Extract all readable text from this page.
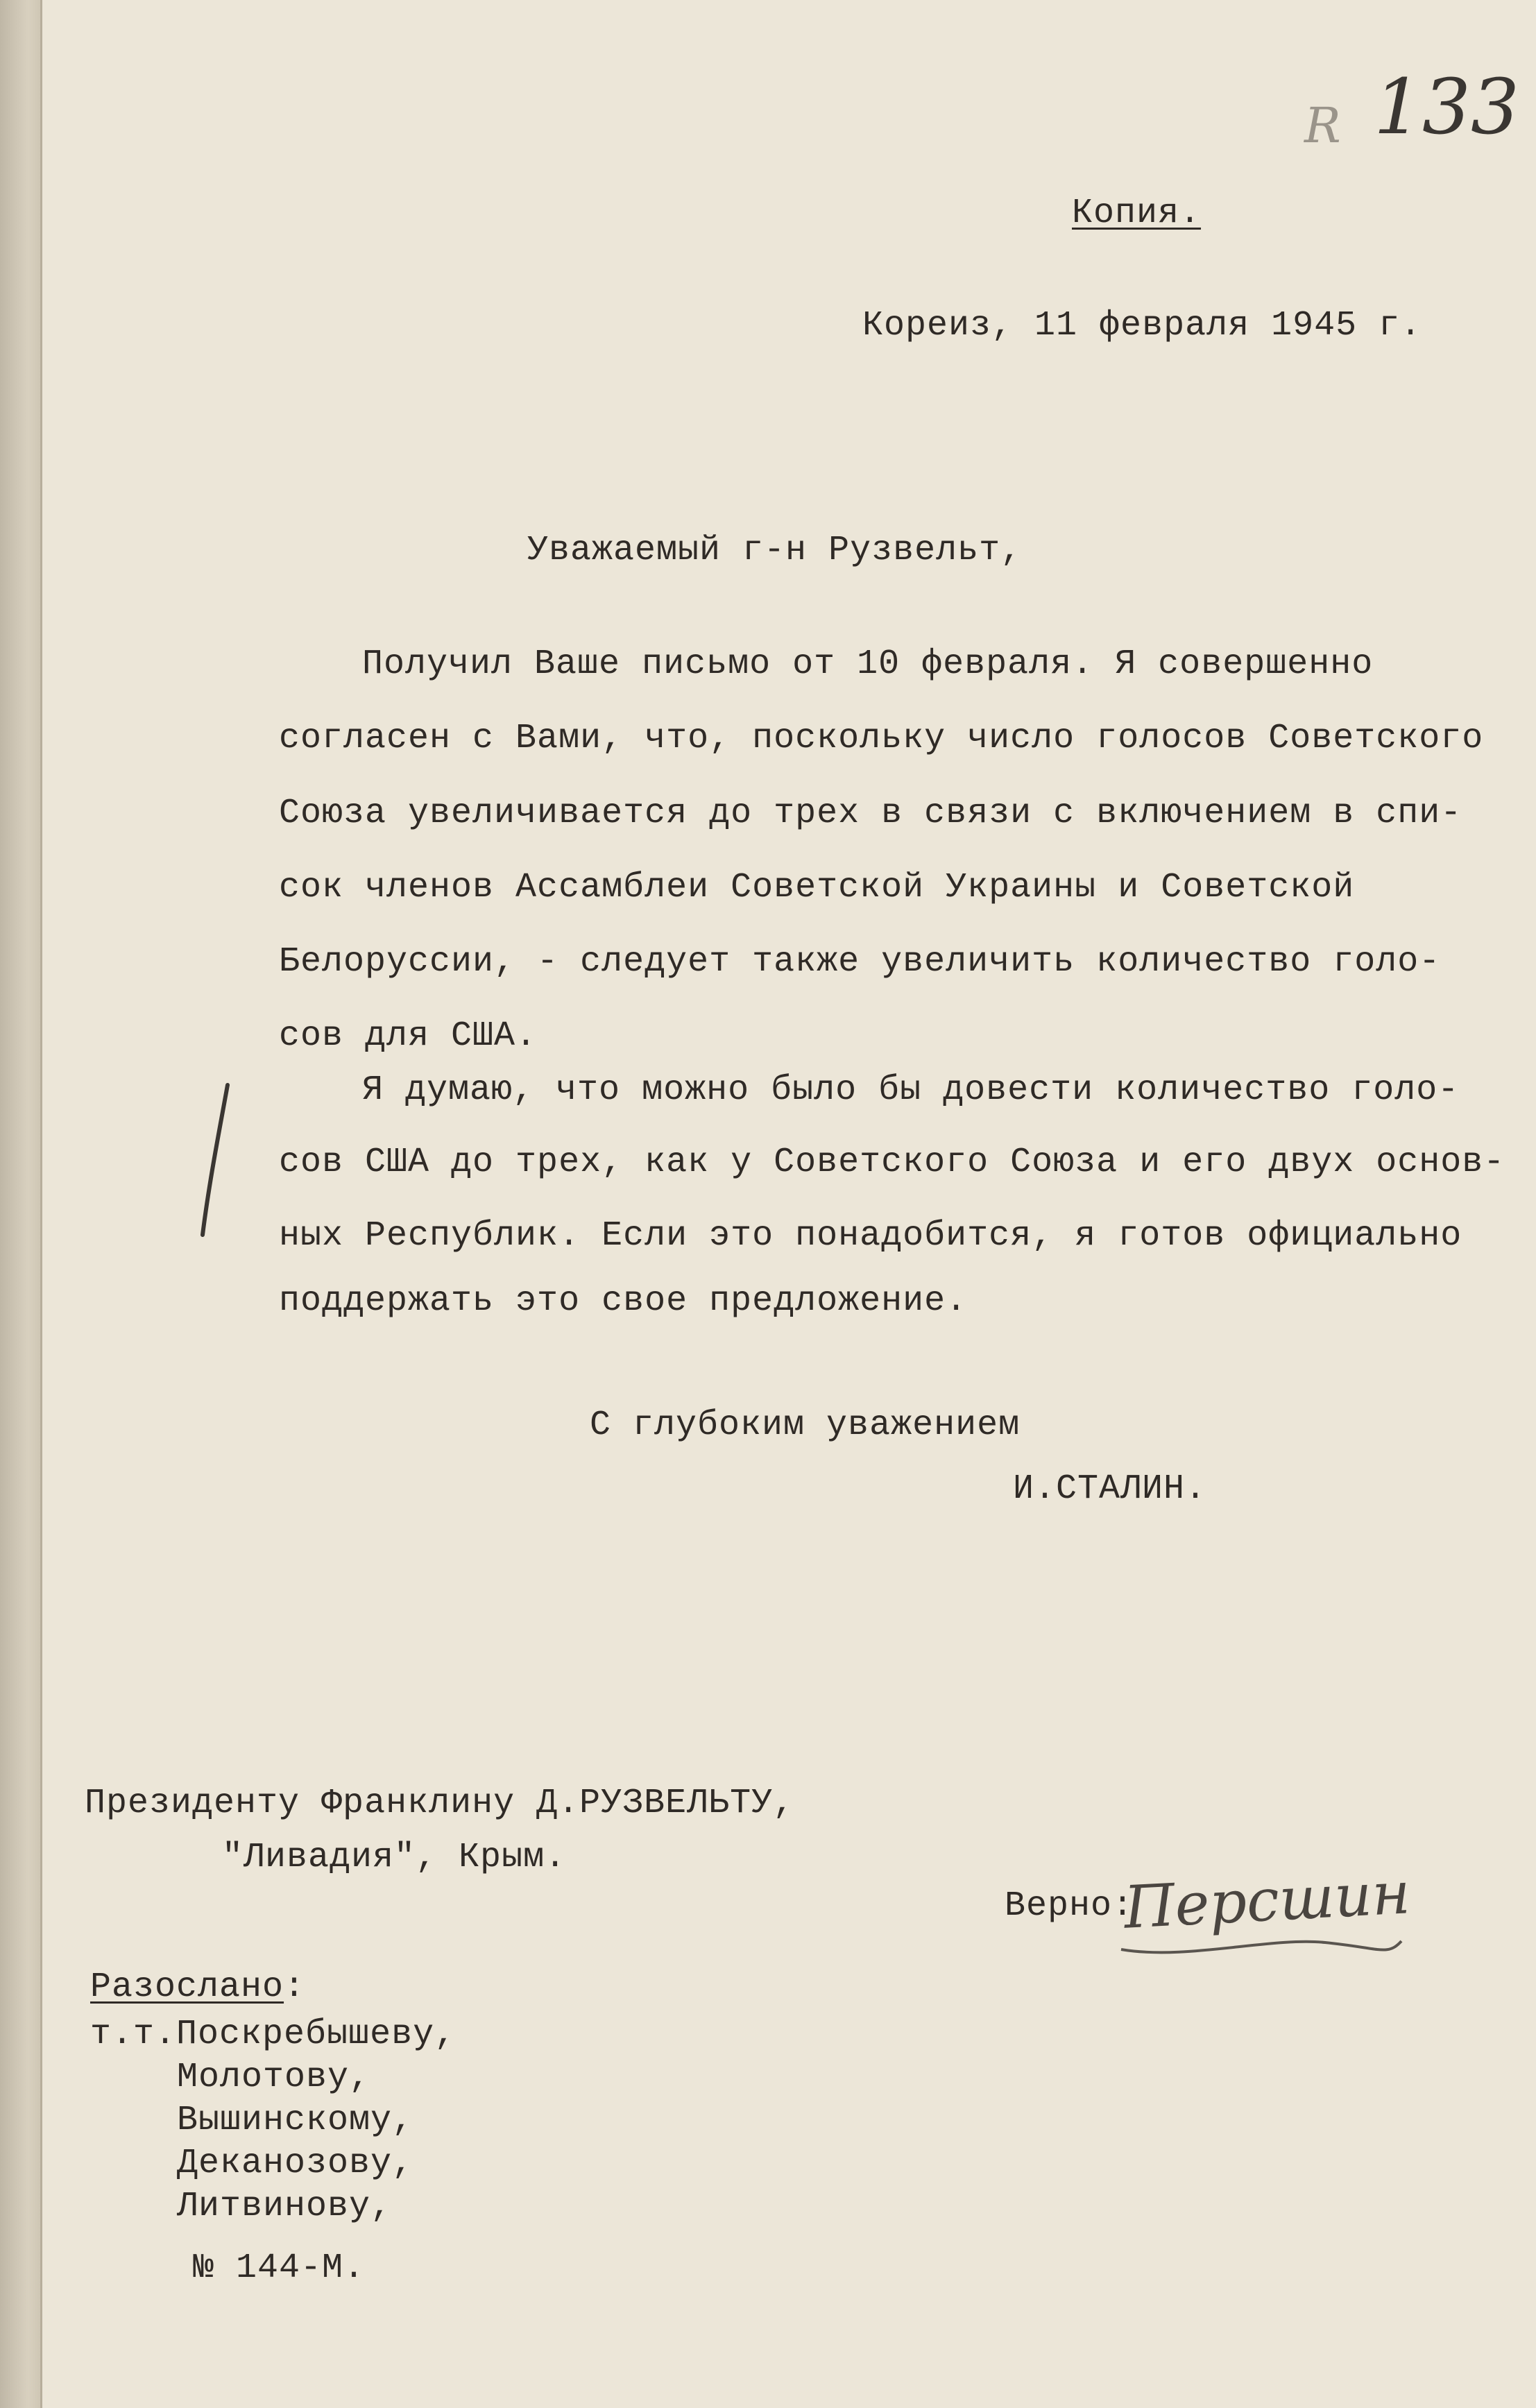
R 133
Копия.
Кореиз, 11 февраля 1945 г.
Уважаемый г-н Рузвельт,
Получил Ваше письмо от 10 февраля. Я совершенно
согласен с Вами, что, поскольку число голосов Советского
Союза увеличивается до трех в связи с включением в спи-
сок членов Ассамблеи Советской Украины и Советской
Белоруссии, - следует также увеличить количество голо-
сов для США.
Я думаю, что можно было бы довести количество голо-
сов США до трех, как у Советского Союза и его двух основ-
ных Республик. Если это понадобится, я готов официально
поддержать это свое предложение.
С глубоким уважением
И.СТАЛИН.
Президенту Франклину Д.РУЗВЕЛЬТУ,
"Ливадия", Крым.
Верно:
Пеpсшин
Разослано:
т.т.Поскребышеву,
Молотову,
Вышинскому,
Деканозову,
Литвинову,
№ 144-М.
